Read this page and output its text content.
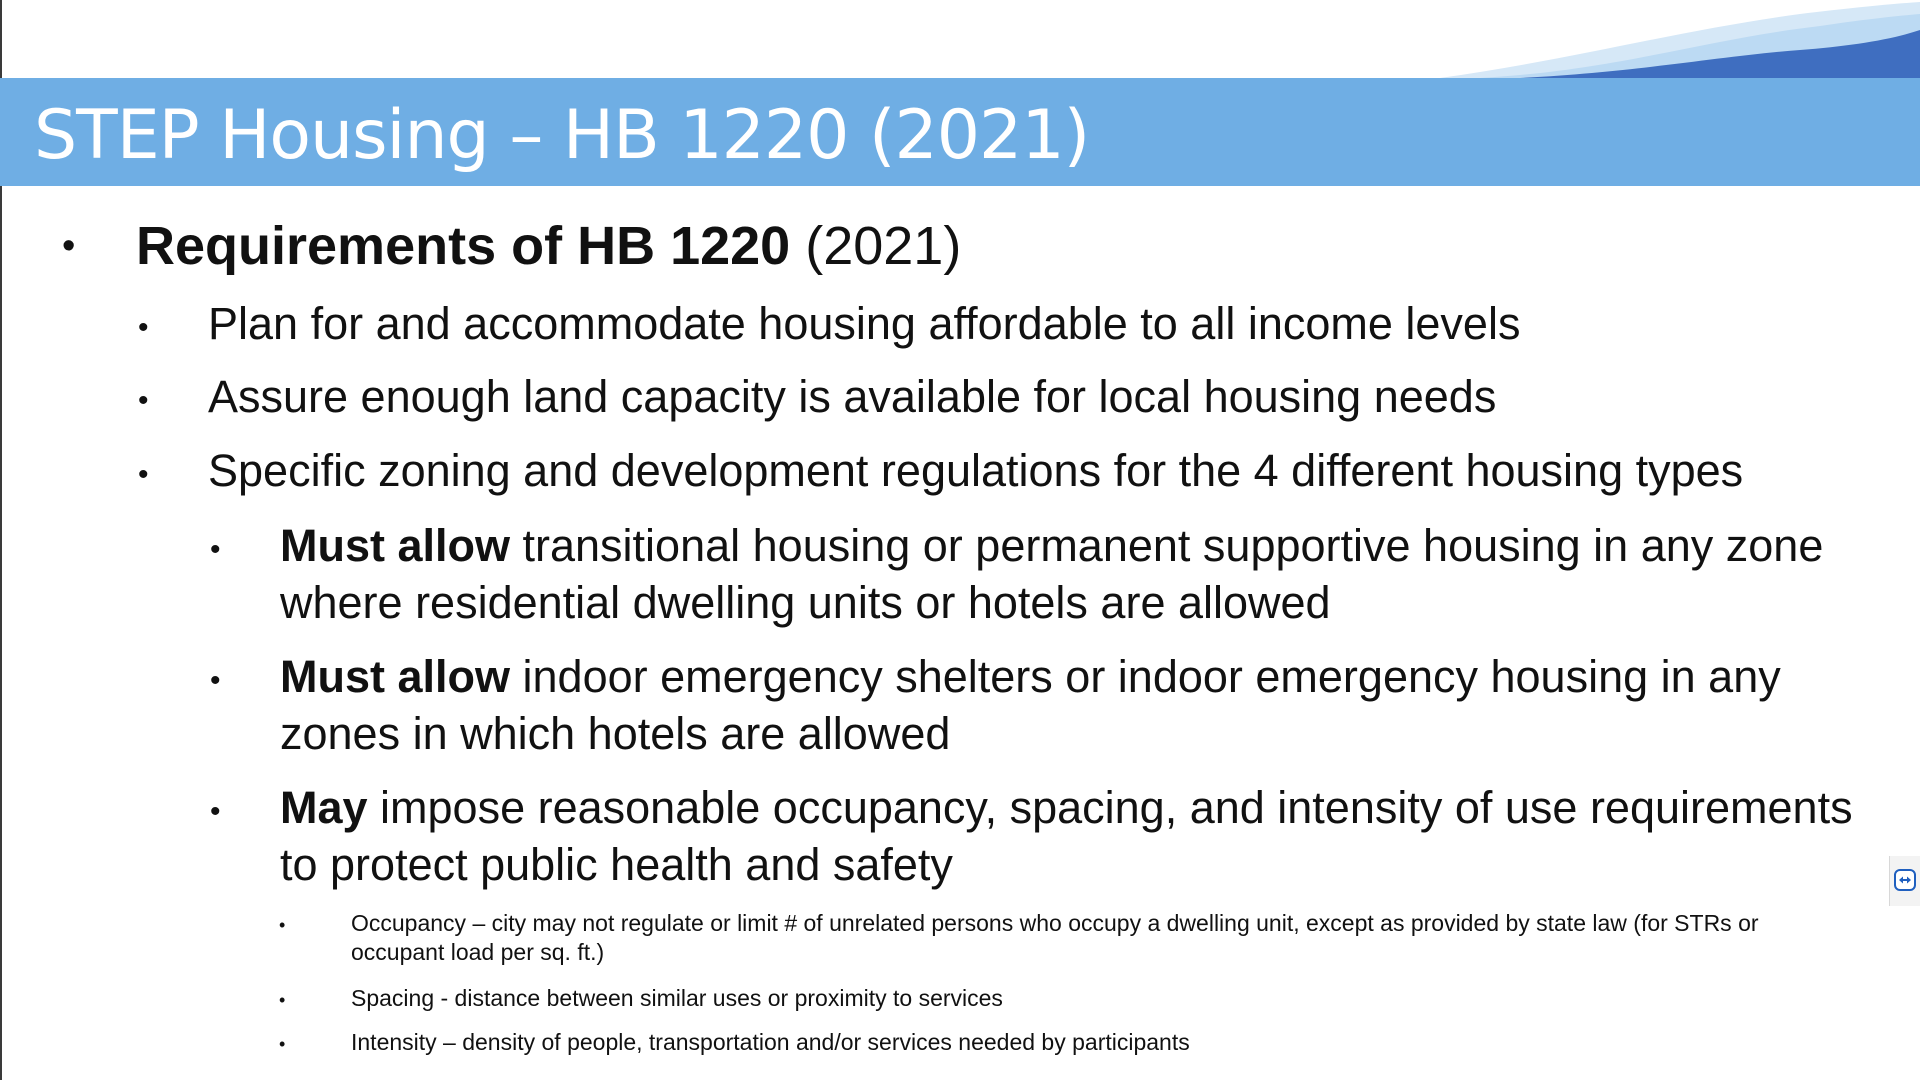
STEP Housing – HB 1220 (2021)
• Requirements of HB 1220 (2021)
• Plan for and accommodate housing affordable to all income levels
• Assure enough land capacity is available for local housing needs
• Specific zoning and development regulations for the 4 different housing types
• Must allow transitional housing or permanent supportive housing in any zone where residential dwelling units or hotels are allowed
• Must allow indoor emergency shelters or indoor emergency housing in any zones in which hotels are allowed
• May impose reasonable occupancy, spacing, and intensity of use requirements to protect public health and safety
•	Occupancy – city may not regulate or limit # of unrelated persons who occupy a dwelling unit, except as provided by state law (for STRs or occupant load per sq. ft.)
•	Spacing - distance between similar uses or proximity to services
•	Intensity – density of people, transportation and/or services needed by participants
